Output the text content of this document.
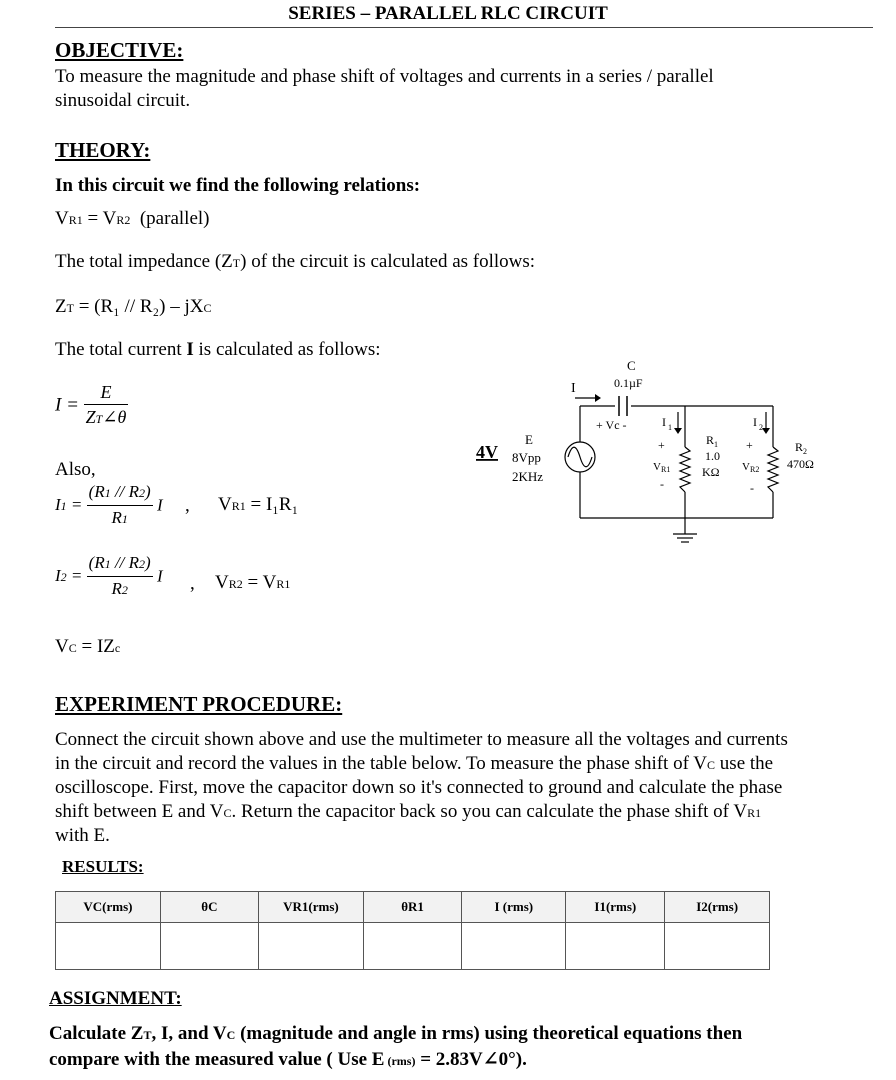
SERIES – PARALLEL RLC CIRCUIT
OBJECTIVE:
To measure the magnitude and phase shift of voltages and currents in a series / parallel
sinusoidal circuit.
THEORY:
In this circuit we find the following relations:
VR1 = VR2 (parallel)
The total impedance (ZT) of the circuit is calculated as follows:
ZT = (R₁ // R₂) – jXC
The total current I is calculated as follows:
$I = \frac{E}{ZT\angle\theta}$
Also,
$I1 = \frac{(R1 // R2)}{R1}$ I , VR1 = I₁R₁
$I2 = \frac{(R1 // R2)}{R2}$ I , VR2 = VR1
VC = IZc
4V
E
8Vpp
2KHz
C
0.1µF
+ Vc -
I
I 1	I 2
+
V R1
-
R 1
1.0
KΩ
+
V R2
-
R 2
470Ω
EXPERIMENT PROCEDURE:
Connect the circuit shown above and use the multimeter to measure all the voltages and currents
in the circuit and record the values in the table below. To measure the phase shift of VC use the
oscilloscope. First, move the capacitor down so it's connected to ground and calculate the phase
shift between E and VC. Return the capacitor back so you can calculate the phase shift of VR1
with E.
RESULTS:
VC(rms)	θC	VR1(rms)	θR1	I (rms)	I1(rms)	I2(rms)

ASSIGNMENT:
Calculate ZT, I, and VC (magnitude and angle in rms) using theoretical equations then
compare with the measured value ( Use E (rms) = 2.83V∠0°).
